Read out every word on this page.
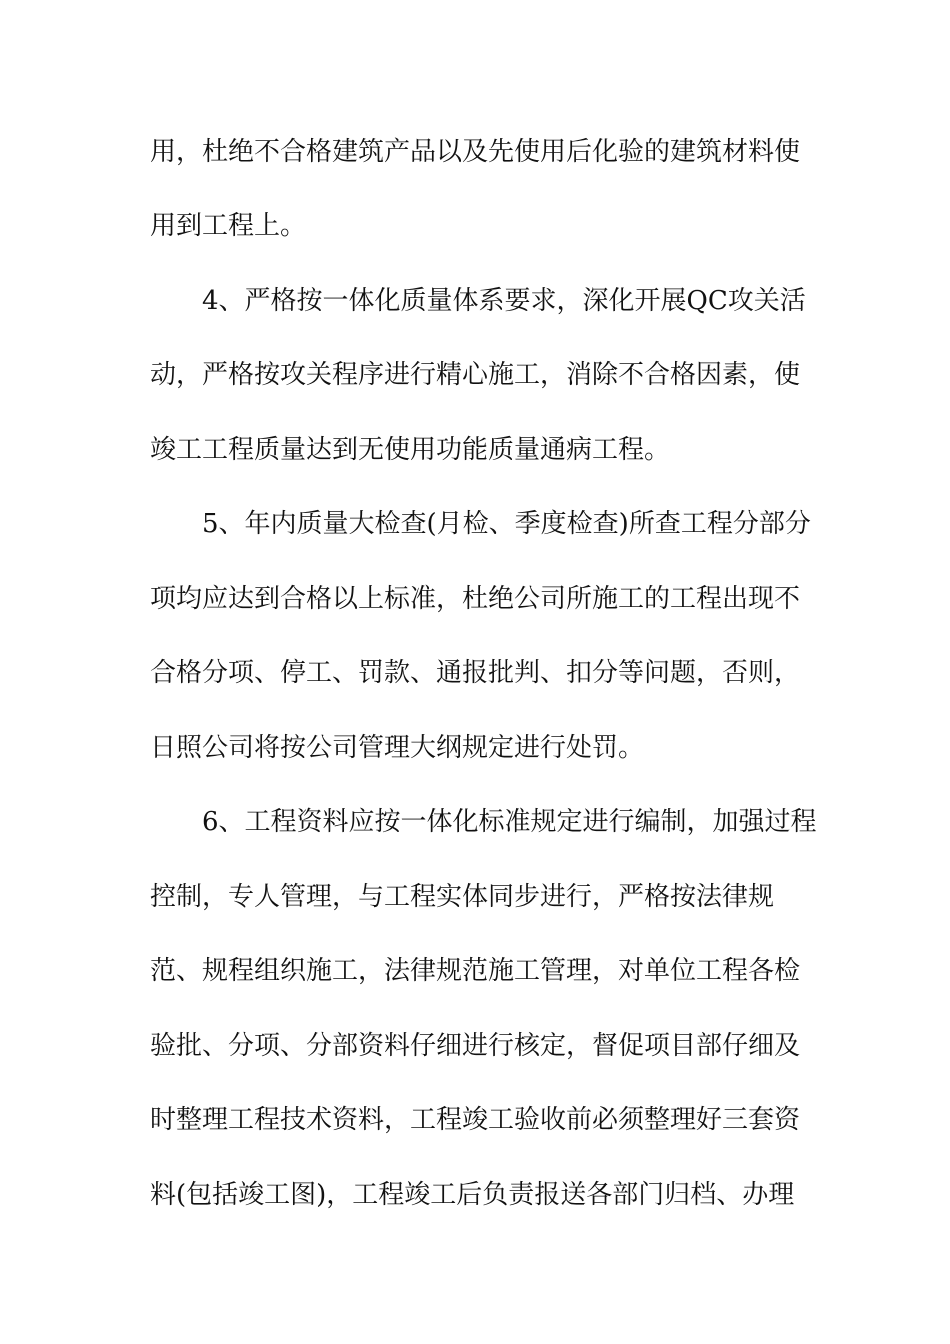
用，杜绝不合格建筑产品以及先使用后化验的建筑材料使

用到工程上。

4、严格按一体化质量体系要求，深化开展QC攻关活

动，严格按攻关程序进行精心施工，消除不合格因素，使

竣工工程质量达到无使用功能质量通病工程。

5、年内质量大检查(月检、季度检查)所查工程分部分

项均应达到合格以上标准，杜绝公司所施工的工程出现不

合格分项、停工、罚款、通报批判、扣分等问题，否则，

日照公司将按公司管理大纲规定进行处罚。

6、工程资料应按一体化标准规定进行编制，加强过程

控制，专人管理，与工程实体同步进行，严格按法律规

范、规程组织施工，法律规范施工管理，对单位工程各检

验批、分项、分部资料仔细进行核定，督促项目部仔细及

时整理工程技术资料，工程竣工验收前必须整理好三套资

料(包括竣工图)，工程竣工后负责报送各部门归档、办理
